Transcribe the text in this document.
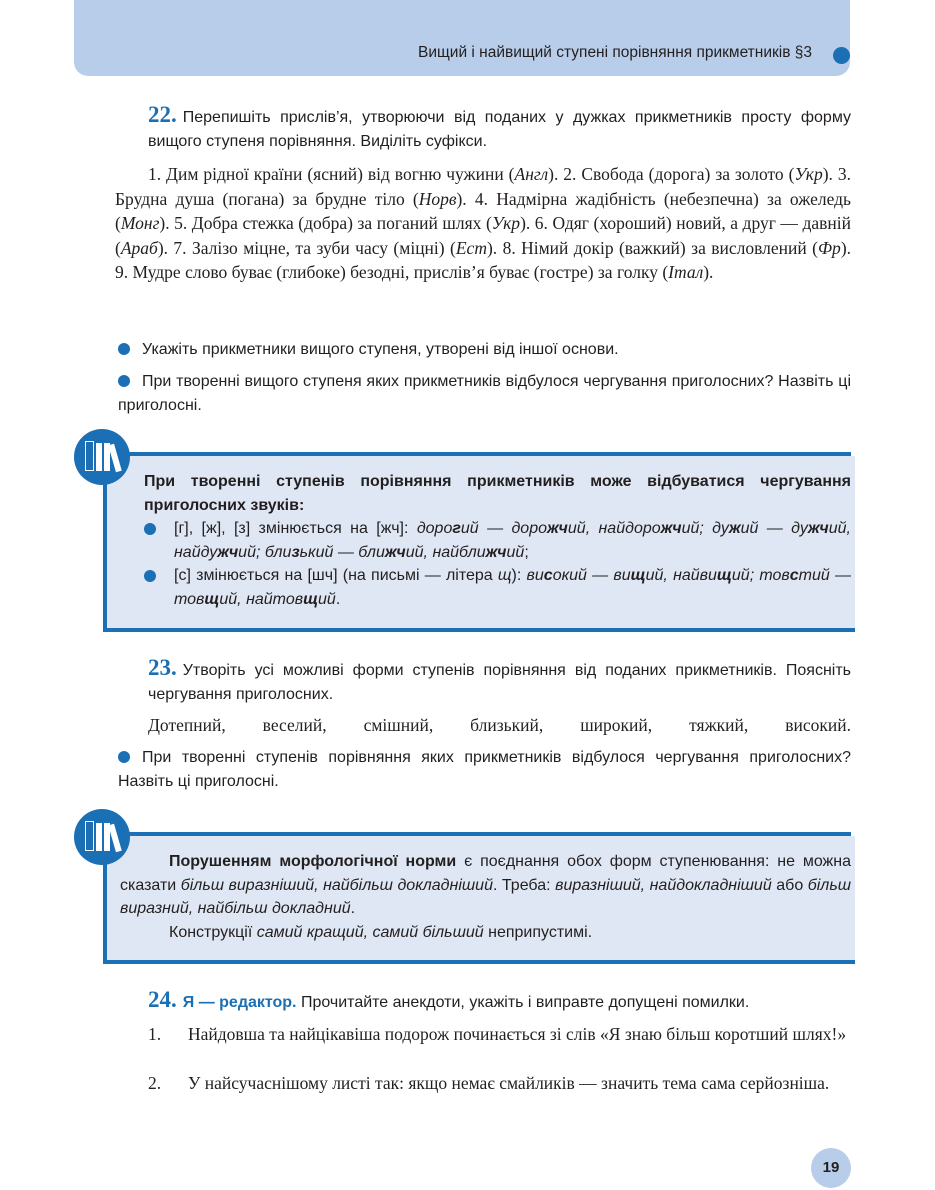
Вищий і найвищий ступені порівняння прикметників §3
22. Перепишіть прислів’я, утворюючи від поданих у дужках прикметників просту форму вищого ступеня порівняння. Виділіть суфікси.
1. Дим рідної країни (ясний) від вогню чужини (Англ). 2. Свобода (дорога) за золото (Укр). 3. Брудна душа (погана) за брудне тіло (Норв). 4. Надмірна жадібність (небезпечна) за ожеледь (Монг). 5. Добра стежка (добра) за поганий шлях (Укр). 6. Одяг (хороший) новий, а друг — давній (Араб). 7. Залізо міцне, та зуби часу (міцні) (Ест). 8. Німий докір (важкий) за висловлений (Фр). 9. Мудре слово буває (глибоке) безодні, прислів’я буває (гостре) за голку (Італ).
Укажіть прикметники вищого ступеня, утворені від іншої основи.
При творенні вищого ступеня яких прикметників відбулося чергування приголосних? Назвіть ці приголосні.
При творенні ступенів порівняння прикметників може відбуватися чергування приголосних звуків:
[г], [ж], [з] змінюється на [жч]: дорогий — дорожчий, найдорожчий; дужий — дужчий, найдужчий; близький — ближчий, найближчий;
[с] змінюється на [шч] (на письмі — літера щ): високий — вищий, найвищий; товстий — товщий, найтовщий.
А
Б
В
23. Утворіть усі можливі форми ступенів порівняння від поданих прикметників. Поясніть чергування приголосних.
Дотепний, веселий, смішний, близький, широкий, тяжкий, високий.
При творенні ступенів порівняння яких прикметників відбулося чергування приголосних? Назвіть ці приголосні.
Порушенням морфологічної норми є поєднання обох форм ступенювання: не можна сказати більш виразніший, найбільш докладніший. Треба: виразніший, найдокладніший або більш виразний, найбільш докладний.
Конструкції самий кращий, самий більший неприпустимі.
А
Б
В
24. Я — редактор. Прочитайте анекдоти, укажіть і виправте допущені помилки.
1. Найдовша та найцікавіша подорож починається зі слів «Я знаю більш коротший шлях!»
2. У найсучаснішому листі так: якщо немає смайликів — значить тема сама серйозніша.
19
